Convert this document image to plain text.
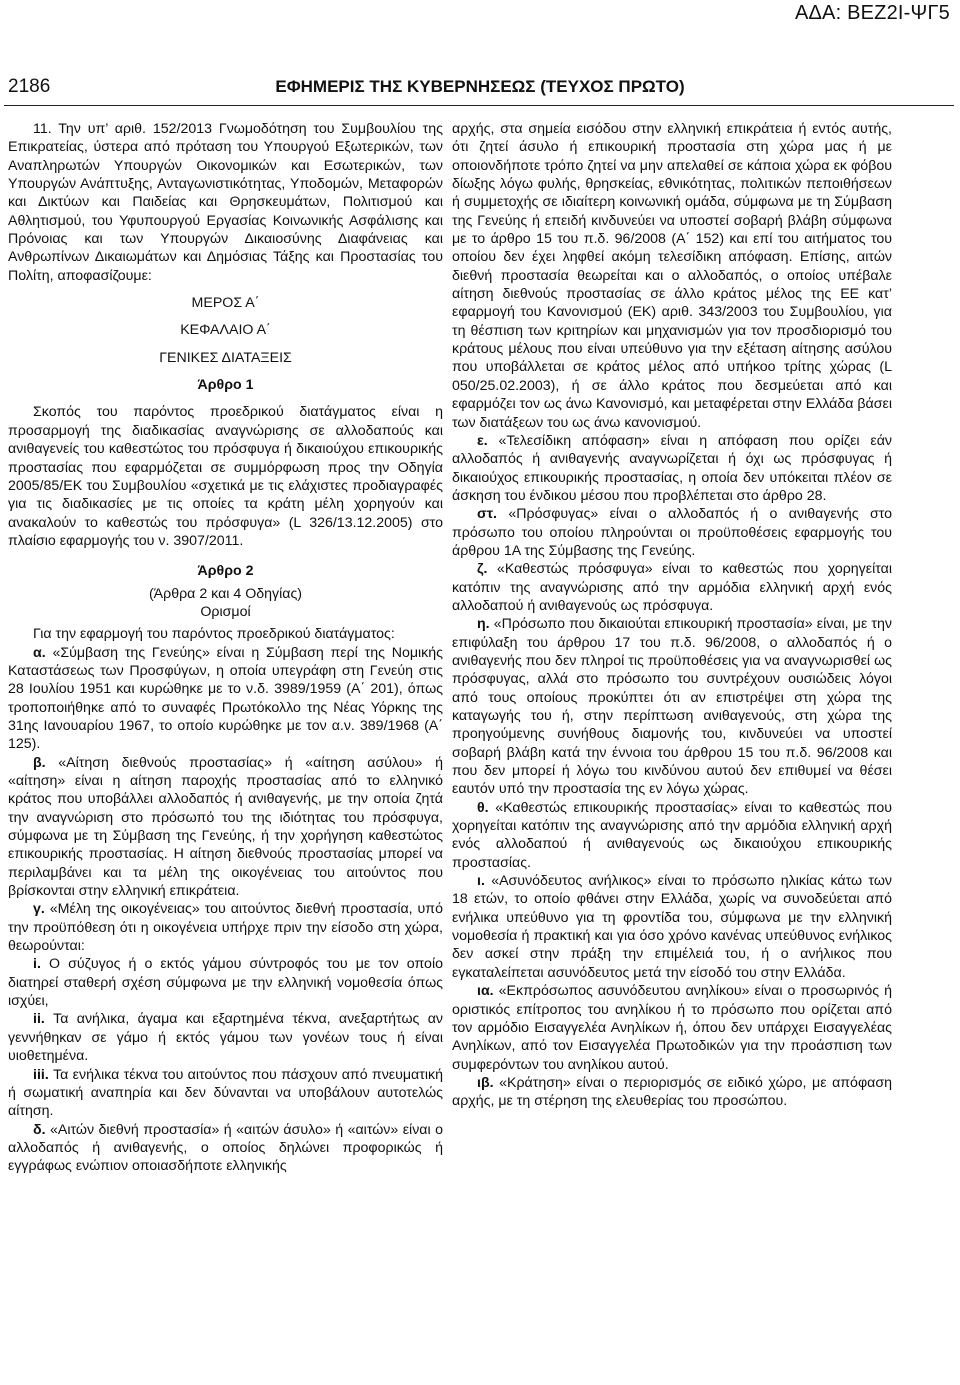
ΑΔΑ: ΒΕΖ2Ι-ΨΓ5
2186	ΕΦΗΜΕΡΙΣ ΤΗΣ ΚΥΒΕΡΝΗΣΕΩΣ (ΤΕΥΧΟΣ ΠΡΩΤΟ)

11. Την υπ’ αριθ. 152/2013 Γνωμοδότηση του Συμβουλίου της Επικρατείας, ύστερα από πρόταση του Υπουργού Εξωτερικών, των Αναπληρωτών Υπουργών Οικονομικών και Εσωτερικών, των Υπουργών Ανάπτυξης, Ανταγωνιστικότητας, Υποδομών, Μεταφορών και Δικτύων και Παιδείας και Θρησκευμάτων, Πολιτισμού και Αθλητισμού, του Υφυπουργού Εργασίας Κοινωνικής Ασφάλισης και Πρόνοιας και των Υπουργών Δικαιοσύνης Διαφάνειας και Ανθρωπίνων Δικαιωμάτων και Δημόσιας Τάξης και Προστασίας του Πολίτη, αποφασίζουμε:

ΜΕΡΟΣ Α΄

ΚΕΦΑΛΑΙΟ Α΄

ΓΕΝΙΚΕΣ ΔΙΑΤΑΞΕΙΣ

Άρθρο 1

Σκοπός του παρόντος προεδρικού διατάγματος είναι η προσαρμογή της διαδικασίας αναγνώρισης σε αλλοδαπούς και ανιθαγενείς του καθεστώτος του πρόσφυγα ή δικαιούχου επικουρικής προστασίας που εφαρμόζεται σε συμμόρφωση προς την Οδηγία 2005/85/ΕΚ του Συμβουλίου «σχετικά με τις ελάχιστες προδιαγραφές για τις διαδικασίες με τις οποίες τα κράτη μέλη χορηγούν και ανακαλούν το καθεστώς του πρόσφυγα» (L 326/13.12.2005) στο πλαίσιο εφαρμογής του ν. 3907/2011.

Άρθρο 2

(Άρθρα 2 και 4 Οδηγίας)

Ορισμοί

Για την εφαρμογή του παρόντος προεδρικού διατάγματος:

α. «Σύμβαση της Γενεύης» είναι η Σύμβαση περί της Νομικής Καταστάσεως των Προσφύγων, η οποία υπεγράφη στη Γενεύη στις 28 Ιουλίου 1951 και κυρώθηκε με το ν.δ. 3989/1959 (Α΄ 201), όπως τροποποιήθηκε από το συναφές Πρωτόκολλο της Νέας Υόρκης της 31ης Ιανουαρίου 1967, το οποίο κυρώθηκε με τον α.ν. 389/1968 (Α΄ 125).

β. «Αίτηση διεθνούς προστασίας» ή «αίτηση ασύλου» ή «αίτηση» είναι η αίτηση παροχής προστασίας από το ελληνικό κράτος που υποβάλλει αλλοδαπός ή ανιθαγενής, με την οποία ζητά την αναγνώριση στο πρόσωπό του της ιδιότητας του πρόσφυγα, σύμφωνα με τη Σύμβαση της Γενεύης, ή την χορήγηση καθεστώτος επικουρικής προστασίας. Η αίτηση διεθνούς προστασίας μπορεί να περιλαμβάνει και τα μέλη της οικογένειας του αιτούντος που βρίσκονται στην ελληνική επικράτεια.

γ. «Μέλη της οικογένειας» του αιτούντος διεθνή προστασία, υπό την προϋπόθεση ότι η οικογένεια υπήρχε πριν την είσοδο στη χώρα, θεωρούνται:

i. Ο σύζυγος ή ο εκτός γάμου σύντροφός του με τον οποίο διατηρεί σταθερή σχέση σύμφωνα με την ελληνική νομοθεσία όπως ισχύει,

ii. Τα ανήλικα, άγαμα και εξαρτημένα τέκνα, ανεξαρτήτως αν γεννήθηκαν σε γάμο ή εκτός γάμου των γονέων τους ή είναι υιοθετημένα.

iii. Τα ενήλικα τέκνα του αιτούντος που πάσχουν από πνευματική ή σωματική αναπηρία και δεν δύνανται να υποβάλουν αυτοτελώς αίτηση.

δ. «Αιτών διεθνή προστασία» ή «αιτών άσυλο» ή «αιτών» είναι ο αλλοδαπός ή ανιθαγενής, ο οποίος δηλώνει προφορικώς ή εγγράφως ενώπιον οποιασδήποτε ελληνικής

αρχής, στα σημεία εισόδου στην ελληνική επικράτεια ή εντός αυτής, ότι ζητεί άσυλο ή επικουρική προστασία στη χώρα μας ή με οποιονδήποτε τρόπο ζητεί να μην απελαθεί σε κάποια χώρα εκ φόβου δίωξης λόγω φυλής, θρησκείας, εθνικότητας, πολιτικών πεποιθήσεων ή συμμετοχής σε ιδιαίτερη κοινωνική ομάδα, σύμφωνα με τη Σύμβαση της Γενεύης ή επειδή κινδυνεύει να υποστεί σοβαρή βλάβη σύμφωνα με το άρθρο 15 του π.δ. 96/2008 (Α΄ 152) και επί του αιτήματος του οποίου δεν έχει ληφθεί ακόμη τελεσίδικη απόφαση. Επίσης, αιτών διεθνή προστασία θεωρείται και ο αλλοδαπός, ο οποίος υπέβαλε αίτηση διεθνούς προστασίας σε άλλο κράτος μέλος της ΕΕ κατ’ εφαρμογή του Κανονισμού (ΕΚ) αριθ. 343/2003 του Συμβουλίου, για τη θέσπιση των κριτηρίων και μηχανισμών για τον προσδιορισμό του κράτους μέλους που είναι υπεύθυνο για την εξέταση αίτησης ασύλου που υποβάλλεται σε κράτος μέλος από υπήκοο τρίτης χώρας (L 050/25.02.2003), ή σε άλλο κράτος που δεσμεύεται από και εφαρμόζει τον ως άνω Κανονισμό, και μεταφέρεται στην Ελλάδα βάσει των διατάξεων του ως άνω κανονισμού.

ε. «Τελεσίδικη απόφαση» είναι η απόφαση που ορίζει εάν αλλοδαπός ή ανιθαγενής αναγνωρίζεται ή όχι ως πρόσφυγας ή δικαιούχος επικουρικής προστασίας, η οποία δεν υπόκειται πλέον σε άσκηση του ένδικου μέσου που προβλέπεται στο άρθρο 28.

στ. «Πρόσφυγας» είναι ο αλλοδαπός ή ο ανιθαγενής στο πρόσωπο του οποίου πληρούνται οι προϋποθέσεις εφαρμογής του άρθρου 1Α της Σύμβασης της Γενεύης.

ζ. «Καθεστώς πρόσφυγα» είναι το καθεστώς που χορηγείται κατόπιν της αναγνώρισης από την αρμόδια ελληνική αρχή ενός αλλοδαπού ή ανιθαγενούς ως πρόσφυγα.

η. «Πρόσωπο που δικαιούται επικουρική προστασία» είναι, με την επιφύλαξη του άρθρου 17 του π.δ. 96/2008, ο αλλοδαπός ή ο ανιθαγενής που δεν πληροί τις προϋποθέσεις για να αναγνωρισθεί ως πρόσφυγας, αλλά στο πρόσωπο του συντρέχουν ουσιώδεις λόγοι από τους οποίους προκύπτει ότι αν επιστρέψει στη χώρα της καταγωγής του ή, στην περίπτωση ανιθαγενούς, στη χώρα της προηγούμενης συνήθους διαμονής του, κινδυνεύει να υποστεί σοβαρή βλάβη κατά την έννοια του άρθρου 15 του π.δ. 96/2008 και που δεν μπορεί ή λόγω του κινδύνου αυτού δεν επιθυμεί να θέσει εαυτόν υπό την προστασία της εν λόγω χώρας.

θ. «Καθεστώς επικουρικής προστασίας» είναι το καθεστώς που χορηγείται κατόπιν της αναγνώρισης από την αρμόδια ελληνική αρχή ενός αλλοδαπού ή ανιθαγενούς ως δικαιούχου επικουρικής προστασίας.

ι. «Ασυνόδευτος ανήλικος» είναι το πρόσωπο ηλικίας κάτω των 18 ετών, το οποίο φθάνει στην Ελλάδα, χωρίς να συνοδεύεται από ενήλικα υπεύθυνο για τη φροντίδα του, σύμφωνα με την ελληνική νομοθεσία ή πρακτική και για όσο χρόνο κανένας υπεύθυνος ενήλικος δεν ασκεί στην πράξη την επιμέλειά του, ή ο ανήλικος που εγκαταλείπεται ασυνόδευτος μετά την είσοδό του στην Ελλάδα.

ια. «Εκπρόσωπος ασυνόδευτου ανηλίκου» είναι ο προσωρινός ή οριστικός επίτροπος του ανηλίκου ή το πρόσωπο που ορίζεται από τον αρμόδιο Εισαγγελέα Ανηλίκων ή, όπου δεν υπάρχει Εισαγγελέας Ανηλίκων, από τον Εισαγγελέα Πρωτοδικών για την προάσπιση των συμφερόντων του ανηλίκου αυτού.

ιβ. «Κράτηση» είναι ο περιορισμός σε ειδικό χώρο, με απόφαση αρχής, με τη στέρηση της ελευθερίας του προσώπου.
